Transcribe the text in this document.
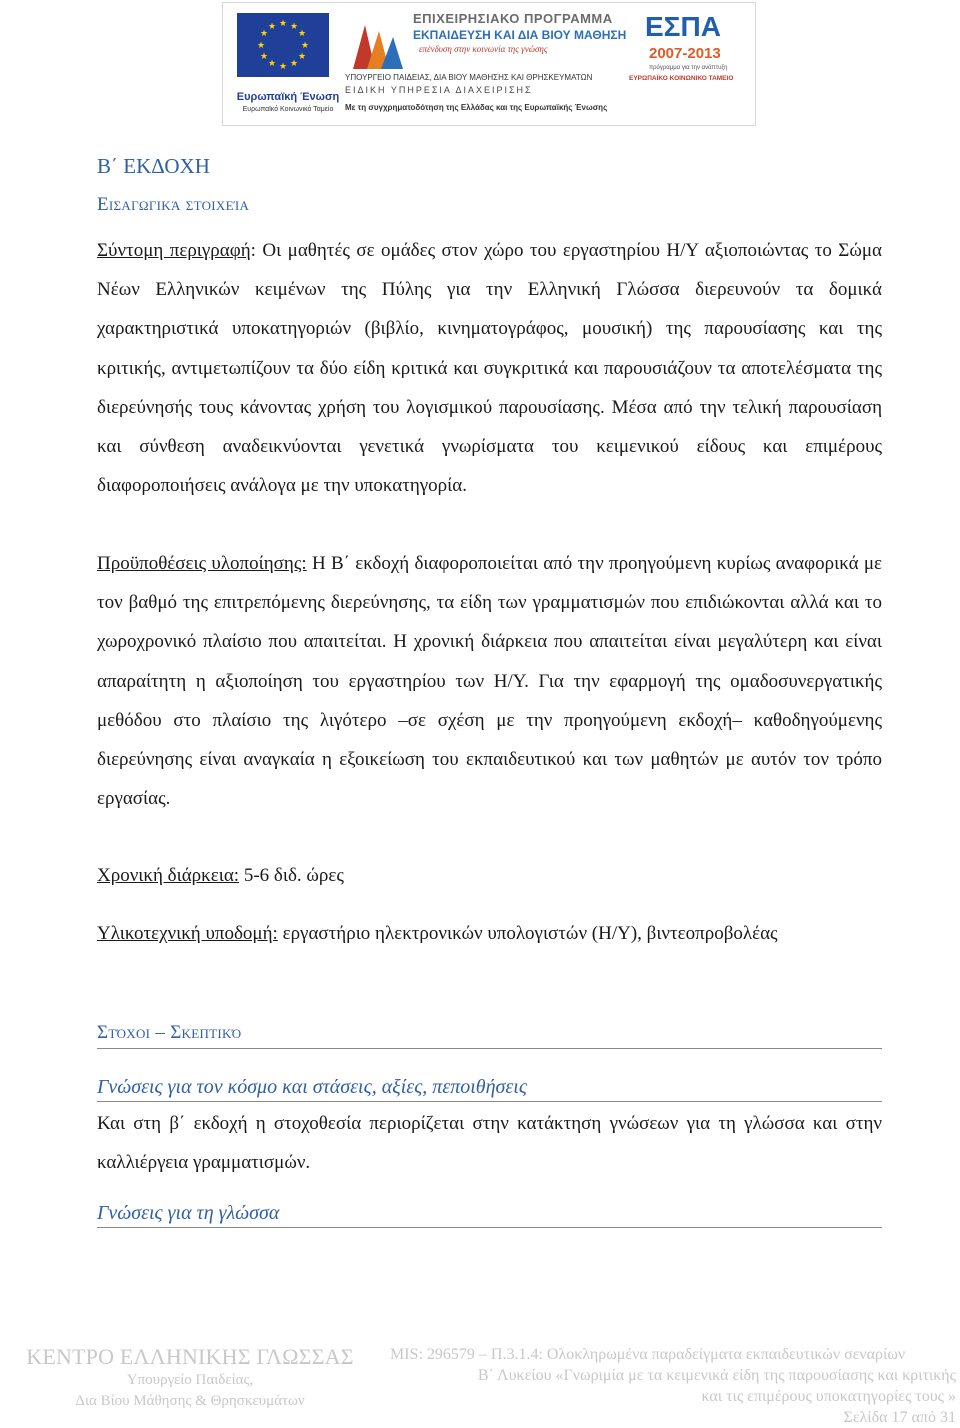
★ ★
★
★
★
★
★
★
★
★
★
★
Ευρωπαϊκή Ένωση
Ευρωπαϊκό Κοινωνικό Ταμείο
ΕΠΙΧΕΙΡΗΣΙΑΚΟ ΠΡΟΓΡΑΜΜΑ
ΕΚΠΑΙΔΕΥΣΗ ΚΑΙ ΔΙΑ ΒΙΟΥ ΜΑΘΗΣΗ
επένδυση στην κοινωνία της γνώσης
ΥΠΟΥΡΓΕΙΟ ΠΑΙΔΕΙΑΣ, ΔΙΑ ΒΙΟΥ ΜΑΘΗΣΗΣ ΚΑΙ ΘΡΗΣΚΕΥΜΑΤΩΝ
ΕΙΔΙΚΗ ΥΠΗΡΕΣΙΑ ΔΙΑΧΕΙΡΙΣΗΣ
Με τη συγχρηματοδότηση της Ελλάδας και της Ευρωπαϊκής Ένωσης
ΕΣΠΑ
2007-2013
πρόγραμμα για την ανάπτυξη
ΕΥΡΩΠΑΪΚΟ ΚΟΙΝΩΝΙΚΟ ΤΑΜΕΙΟ
Β΄ ΕΚΔΟΧΗ
Εισαγωγικά στοιχεία

Σύντομη περιγραφή: Οι μαθητές σε ομάδες στον χώρο του εργαστηρίου Η/Υ αξιοποιώντας το Σώμα Νέων Ελληνικών κειμένων της Πύλης για την Ελληνική Γλώσσα διερευνούν τα δομικά χαρακτηριστικά υποκατηγοριών (βιβλίο, κινηματογράφος, μουσική) της παρουσίασης και της κριτικής, αντιμετωπίζουν τα δύο είδη κριτικά και συγκριτικά και παρουσιάζουν τα αποτελέσματα της διερεύνησής τους κάνοντας χρήση του λογισμικού παρουσίασης. Μέσα από την τελική παρουσίαση και σύνθεση αναδεικνύονται γενετικά γνωρίσματα του κειμενικού είδους και επιμέρους διαφοροποιήσεις ανάλογα με την υποκατηγορία.

Προϋποθέσεις υλοποίησης: Η Β΄ εκδοχή διαφοροποιείται από την προηγούμενη κυρίως αναφορικά με τον βαθμό της επιτρεπόμενης διερεύνησης, τα είδη των γραμματισμών που επιδιώκονται αλλά και το χωροχρονικό πλαίσιο που απαιτείται. Η χρονική διάρκεια που απαιτείται είναι μεγαλύτερη και είναι απαραίτητη η αξιοποίηση του εργαστηρίου των Η/Υ. Για την εφαρμογή της ομαδοσυνεργατικής μεθόδου στο πλαίσιο της λιγότερο –σε σχέση με την προηγούμενη εκδοχή– καθοδηγούμενης διερεύνησης είναι αναγκαία η εξοικείωση του εκπαιδευτικού και των μαθητών με αυτόν τον τρόπο εργασίας.

Χρονική διάρκεια: 5-6 διδ. ώρες

Υλικοτεχνική υποδομή: εργαστήριο ηλεκτρονικών υπολογιστών (Η/Υ), βιντεοπροβολέας

Στόχοι – Σκεπτικό
Γνώσεις για τον κόσμο και στάσεις, αξίες, πεποιθήσεις

Και στη β΄ εκδοχή η στοχοθεσία περιορίζεται στην κατάκτηση γνώσεων για τη γλώσσα και στην καλλιέργεια γραμματισμών.

Γνώσεις για τη γλώσσα
ΚΕΝΤΡΟ ΕΛΛΗΝΙΚΗΣ ΓΛΩΣΣΑΣ
Υπουργείο Παιδείας,
Δια Βίου Μάθησης & Θρησκευμάτων
MIS: 296579 – Π.3.1.4: Ολοκληρωμένα παραδείγματα εκπαιδευτικών σεναρίων
Β΄ Λυκείου «Γνωριμία με τα κειμενικά είδη της παρουσίασης και κριτικής
και τις επιμέρους υποκατηγορίες τους »
Σελίδα 17 από 31
